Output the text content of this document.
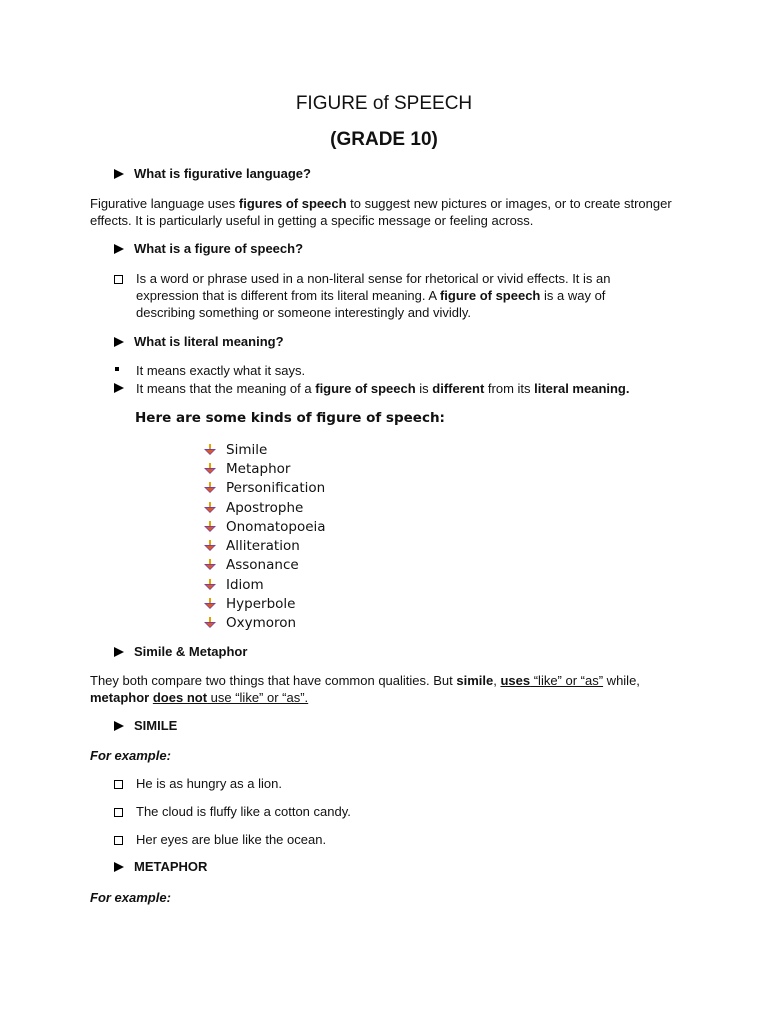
FIGURE of SPEECH
(GRADE 10)
What is figurative language?
Figurative language uses figures of speech to suggest new pictures or images, or to create stronger effects. It is particularly useful in getting a specific message or feeling across.
What is a figure of speech?
Is a word or phrase used in a non-literal sense for rhetorical or vivid effects. It is an expression that is different from its literal meaning. A figure of speech is a way of describing something or someone interestingly and vividly.
What is literal meaning?
It means exactly what it says.
It means that the meaning of a figure of speech is different from its literal meaning.
Here are some kinds of figure of speech:
Simile
Metaphor
Personification
Apostrophe
Onomatopoeia
Alliteration
Assonance
Idiom
Hyperbole
Oxymoron
Simile & Metaphor
They both compare two things that have common qualities. But simile, uses “like” or “as” while,
metaphor does not use “like” or “as”.
SIMILE
For example:
He is as hungry as a lion.
The cloud is fluffy like a cotton candy.
Her eyes are blue like the ocean.
METAPHOR
For example:
